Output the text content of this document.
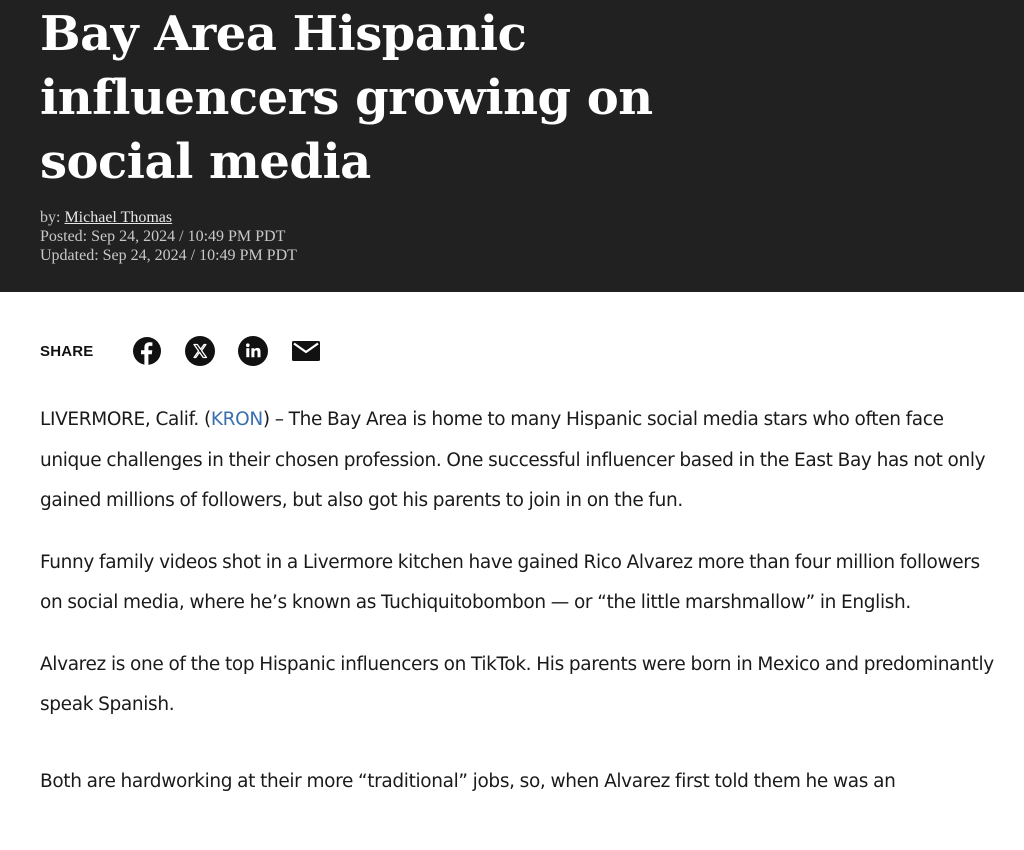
Bay Area Hispanic influencers growing on social media
by: Michael Thomas
Posted: Sep 24, 2024 / 10:49 PM PDT
Updated: Sep 24, 2024 / 10:49 PM PDT
SHARE

LIVERMORE, Calif. (KRON) – The Bay Area is home to many Hispanic social media stars who often face unique challenges in their chosen profession. One successful influencer based in the East Bay has not only gained millions of followers, but also got his parents to join in on the fun.

Funny family videos shot in a Livermore kitchen have gained Rico Alvarez more than four million followers on social media, where he’s known as Tuchiquitobombon — or “the little marshmallow” in English.

Alvarez is one of the top Hispanic influencers on TikTok. His parents were born in Mexico and predominantly speak Spanish.

Both are hardworking at their more “traditional” jobs, so, when Alvarez first told them he was an
